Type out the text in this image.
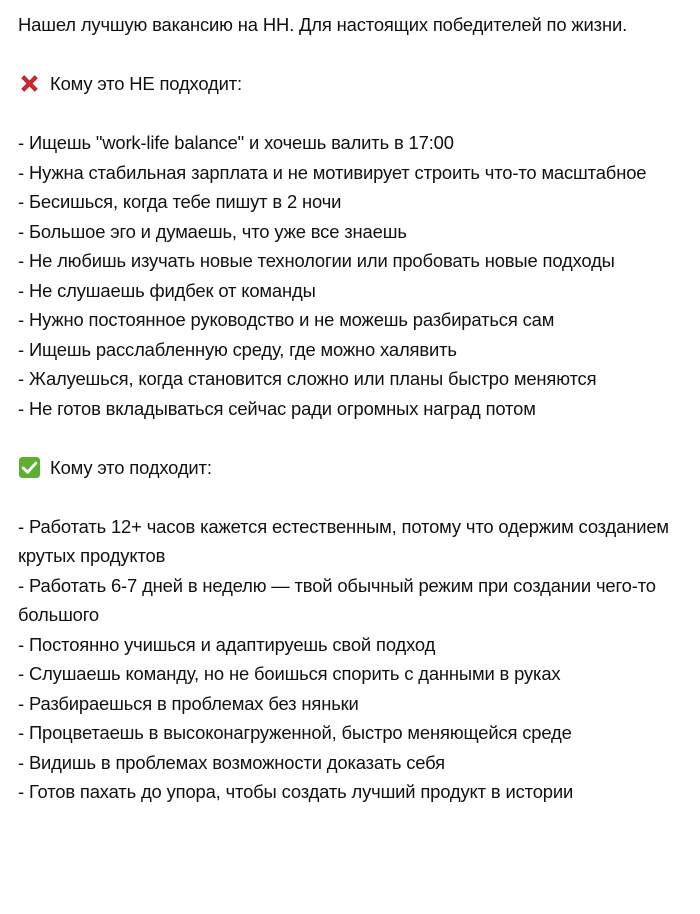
Нашел лучшую вакансию на HH. Для настоящих победителей по жизни.

Кому это НЕ подходит:
- Ищешь "work-life balance" и хочешь валить в 17:00
- Нужна стабильная зарплата и не мотивирует строить что-то масштабное
- Бесишься, когда тебе пишут в 2 ночи
- Большое эго и думаешь, что уже все знаешь
- Не любишь изучать новые технологии или пробовать новые подходы
- Не слушаешь фидбек от команды
- Нужно постоянное руководство и не можешь разбираться сам
- Ищешь расслабленную среду, где можно халявить
- Жалуешься, когда становится сложно или планы быстро меняются
- Не готов вкладываться сейчас ради огромных наград потом
Кому это подходит:
- Работать 12+ часов кажется естественным, потому что одержим созданием крутых продуктов
- Работать 6-7 дней в неделю — твой обычный режим при создании чего-то большого
- Постоянно учишься и адаптируешь свой подход
- Слушаешь команду, но не боишься спорить с данными в руках
- Разбираешься в проблемах без няньки
- Процветаешь в высоконагруженной, быстро меняющейся среде
- Видишь в проблемах возможности доказать себя
- Готов пахать до упора, чтобы создать лучший продукт в истории
